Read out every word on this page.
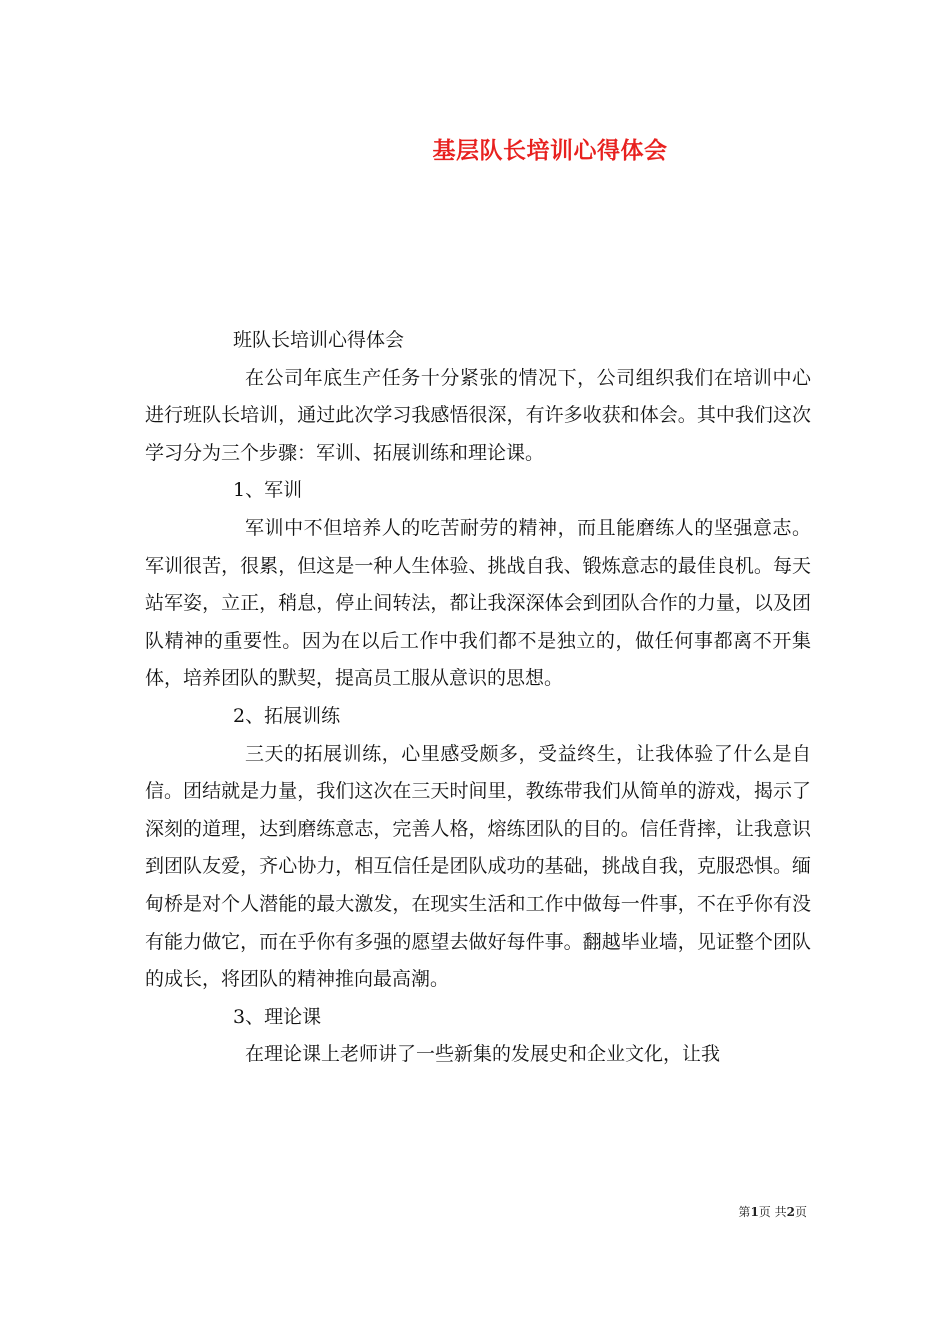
基层队长培训心得体会

班队长培训心得体会

在公司年底生产任务十分紧张的情况下，公司组织我们在培训中心进行班队长培训，通过此次学习我感悟很深，有许多收获和体会。其中我们这次学习分为三个步骤：军训、拓展训练和理论课。

1、军训

军训中不但培养人的吃苦耐劳的精神，而且能磨练人的坚强意志。军训很苦，很累，但这是一种人生体验、挑战自我、锻炼意志的最佳良机。每天站军姿，立正，稍息，停止间转法，都让我深深体会到团队合作的力量，以及团队精神的重要性。因为在以后工作中我们都不是独立的，做任何事都离不开集体，培养团队的默契，提高员工服从意识的思想。

2、拓展训练

三天的拓展训练，心里感受颇多，受益终生，让我体验了什么是自信。团结就是力量，我们这次在三天时间里，教练带我们从简单的游戏，揭示了深刻的道理，达到磨练意志，完善人格，熔练团队的目的。信任背摔，让我意识到团队友爱，齐心协力，相互信任是团队成功的基础，挑战自我，克服恐惧。缅甸桥是对个人潜能的最大激发，在现实生活和工作中做每一件事，不在乎你有没有能力做它，而在乎你有多强的愿望去做好每件事。翻越毕业墙，见证整个团队的成长，将团队的精神推向最高潮。

3、理论课

在理论课上老师讲了一些新集的发展史和企业文化，让我

第1页 共2页
